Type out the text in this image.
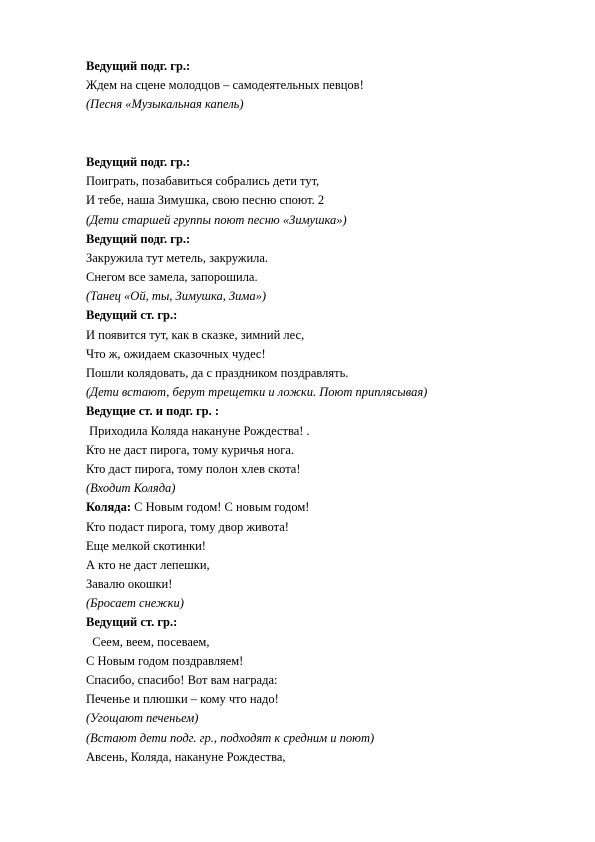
Ведущий подг. гр.:
Ждем на сцене молодцов – самодеятельных певцов!
(Песня «Музыкальная капель)
Ведущий подг. гр.:
Поиграть, позабавиться собрались дети тут,
И тебе, наша Зимушка, свою песню споют. 2
(Дети старшей группы поют песню «Зимушка»)
Ведущий подг. гр.:
Закружила тут метель, закружила.
Снегом все замела, запорошила.
(Танец «Ой, ты, Зимушка, Зима»)
Ведущий ст. гр.:
И появится тут, как в сказке, зимний лес,
Что ж, ожидаем сказочных чудес!
Пошли колядовать, да с праздником поздравлять.
(Дети встают, берут трещетки и ложки. Поют приплясывая)
Ведущие ст. и подг. гр. :
Приходила Коляда накануне Рождества! .
Кто не даст пирога, тому куричья нога.
Кто даст пирога, тому полон хлев скота!
(Входит Коляда)
Коляда: С Новым годом! С новым годом!
Кто подаст пирога, тому двор живота!
Еще мелкой скотинки!
А кто не даст лепешки,
Завалю окошки!
(Бросает снежки)
Ведущий ст. гр.:
Сеем, веем, посеваем,
С Новым годом поздравляем!
Спасибо, спасибо! Вот вам награда:
Печенье и плюшки – кому что надо!
(Угощают печеньем)
(Встают дети подг. гр., подходят к средним и поют)
Авсень, Коляда, накануне Рождества,
